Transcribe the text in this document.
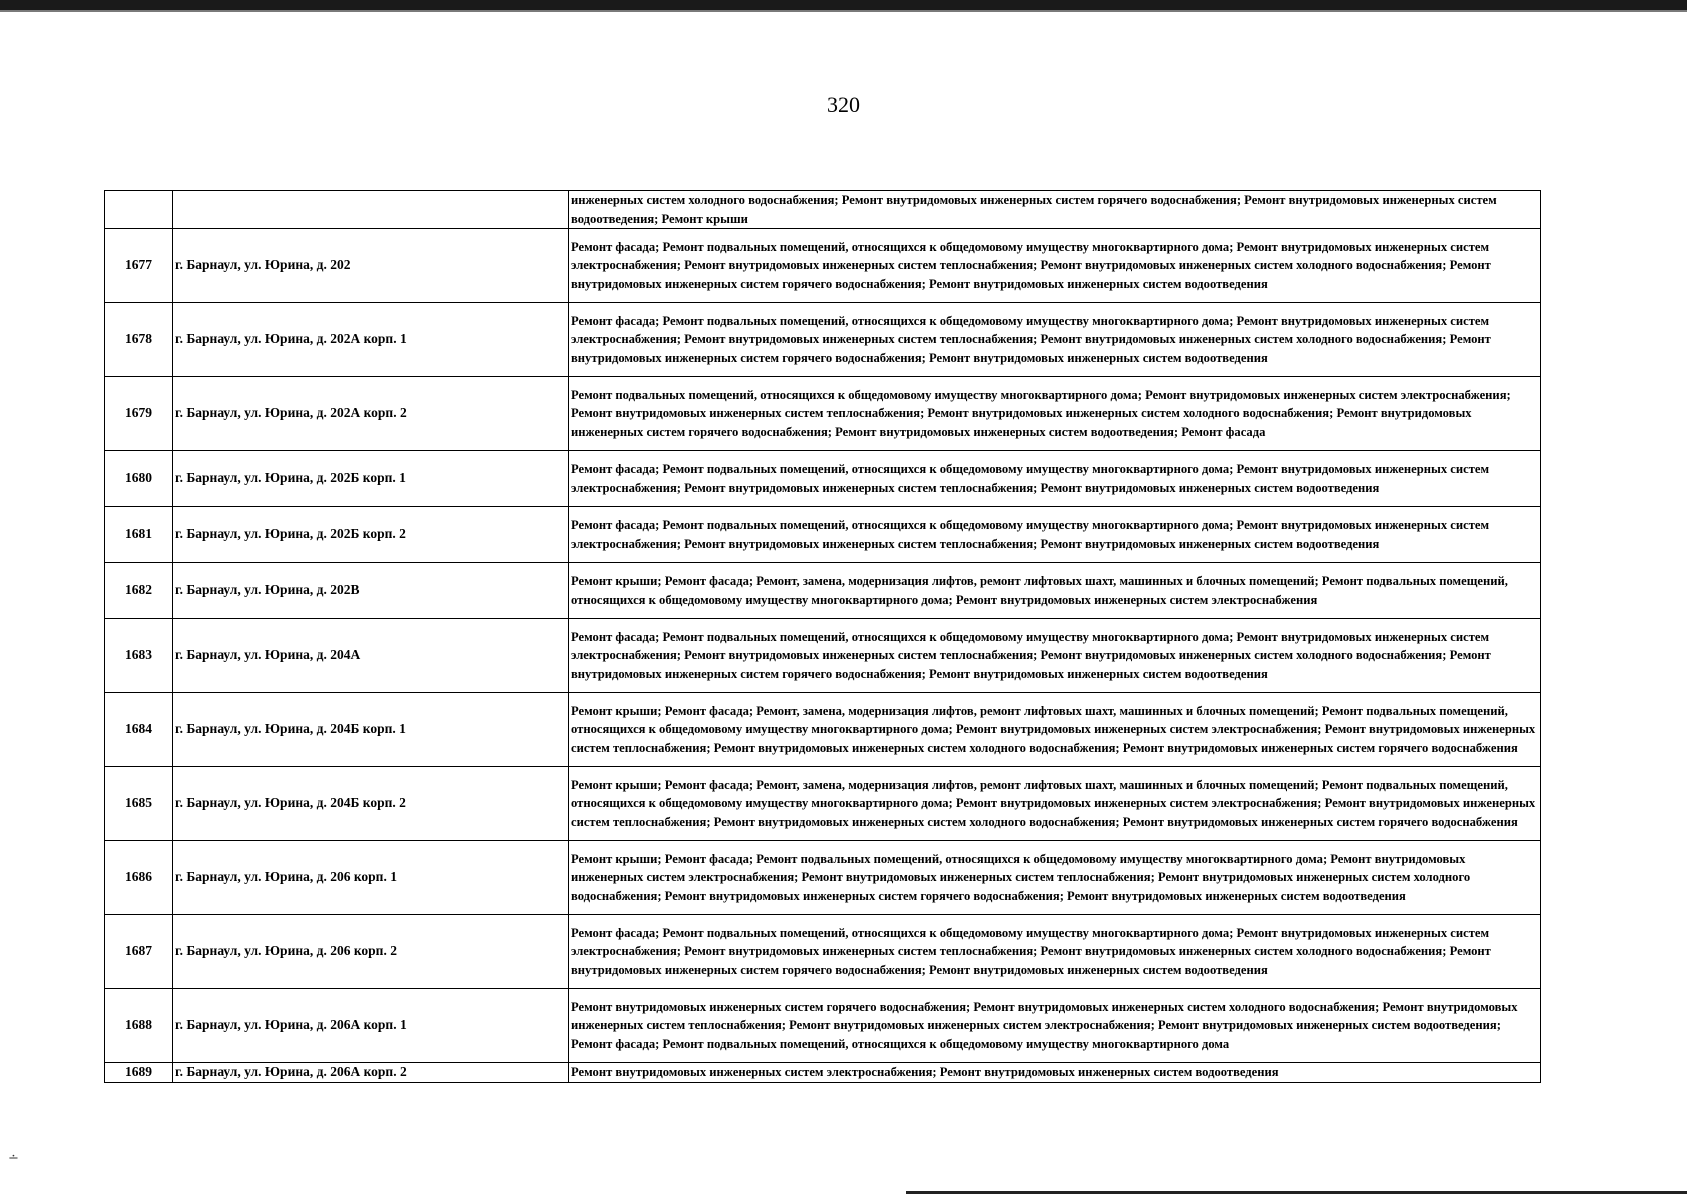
320
		инженерных систем холодного водоснабжения; Ремонт внутридомовых инженерных систем горячего водоснабжения; Ремонт внутридомовых инженерных систем водоотведения; Ремонт крыши
1677	г. Барнаул, ул. Юрина, д. 202	Ремонт фасада; Ремонт подвальных помещений, относящихся к общедомовому имуществу многоквартирного дома; Ремонт внутридомовых инженерных систем электроснабжения; Ремонт внутридомовых инженерных систем теплоснабжения; Ремонт внутридомовых инженерных систем холодного водоснабжения; Ремонт внутридомовых инженерных систем горячего водоснабжения; Ремонт внутридомовых инженерных систем водоотведения
1678	г. Барнаул, ул. Юрина, д. 202А корп. 1	Ремонт фасада; Ремонт подвальных помещений, относящихся к общедомовому имуществу многоквартирного дома; Ремонт внутридомовых инженерных систем электроснабжения; Ремонт внутридомовых инженерных систем теплоснабжения; Ремонт внутридомовых инженерных систем холодного водоснабжения; Ремонт внутридомовых инженерных систем горячего водоснабжения; Ремонт внутридомовых инженерных систем водоотведения
1679	г. Барнаул, ул. Юрина, д. 202А корп. 2	Ремонт подвальных помещений, относящихся к общедомовому имуществу многоквартирного дома; Ремонт внутридомовых инженерных систем электроснабжения; Ремонт внутридомовых инженерных систем теплоснабжения; Ремонт внутридомовых инженерных систем холодного водоснабжения; Ремонт внутридомовых инженерных систем горячего водоснабжения; Ремонт внутридомовых инженерных систем водоотведения; Ремонт фасада
1680	г. Барнаул, ул. Юрина, д. 202Б корп. 1	Ремонт фасада; Ремонт подвальных помещений, относящихся к общедомовому имуществу многоквартирного дома; Ремонт внутридомовых инженерных систем электроснабжения; Ремонт внутридомовых инженерных систем теплоснабжения; Ремонт внутридомовых инженерных систем водоотведения
1681	г. Барнаул, ул. Юрина, д. 202Б корп. 2	Ремонт фасада; Ремонт подвальных помещений, относящихся к общедомовому имуществу многоквартирного дома; Ремонт внутридомовых инженерных систем электроснабжения; Ремонт внутридомовых инженерных систем теплоснабжения; Ремонт внутридомовых инженерных систем водоотведения
1682	г. Барнаул, ул. Юрина, д. 202В	Ремонт крыши; Ремонт фасада; Ремонт, замена, модернизация лифтов, ремонт лифтовых шахт, машинных и блочных помещений; Ремонт подвальных помещений, относящихся к общедомовому имуществу многоквартирного дома; Ремонт внутридомовых инженерных систем электроснабжения
1683	г. Барнаул, ул. Юрина, д. 204А	Ремонт фасада; Ремонт подвальных помещений, относящихся к общедомовому имуществу многоквартирного дома; Ремонт внутридомовых инженерных систем электроснабжения; Ремонт внутридомовых инженерных систем теплоснабжения; Ремонт внутридомовых инженерных систем холодного водоснабжения; Ремонт внутридомовых инженерных систем горячего водоснабжения; Ремонт внутридомовых инженерных систем водоотведения
1684	г. Барнаул, ул. Юрина, д. 204Б корп. 1	Ремонт крыши; Ремонт фасада; Ремонт, замена, модернизация лифтов, ремонт лифтовых шахт, машинных и блочных помещений; Ремонт подвальных помещений, относящихся к общедомовому имуществу многоквартирного дома; Ремонт внутридомовых инженерных систем электроснабжения; Ремонт внутридомовых инженерных систем теплоснабжения; Ремонт внутридомовых инженерных систем холодного водоснабжения; Ремонт внутридомовых инженерных систем горячего водоснабжения
1685	г. Барнаул, ул. Юрина, д. 204Б корп. 2	Ремонт крыши; Ремонт фасада; Ремонт, замена, модернизация лифтов, ремонт лифтовых шахт, машинных и блочных помещений; Ремонт подвальных помещений, относящихся к общедомовому имуществу многоквартирного дома; Ремонт внутридомовых инженерных систем электроснабжения; Ремонт внутридомовых инженерных систем теплоснабжения; Ремонт внутридомовых инженерных систем холодного водоснабжения; Ремонт внутридомовых инженерных систем горячего водоснабжения
1686	г. Барнаул, ул. Юрина, д. 206 корп. 1	Ремонт крыши; Ремонт фасада; Ремонт подвальных помещений, относящихся к общедомовому имуществу многоквартирного дома; Ремонт внутридомовых инженерных систем электроснабжения; Ремонт внутридомовых инженерных систем теплоснабжения; Ремонт внутридомовых инженерных систем холодного водоснабжения; Ремонт внутридомовых инженерных систем горячего водоснабжения; Ремонт внутридомовых инженерных систем водоотведения
1687	г. Барнаул, ул. Юрина, д. 206 корп. 2	Ремонт фасада; Ремонт подвальных помещений, относящихся к общедомовому имуществу многоквартирного дома; Ремонт внутридомовых инженерных систем электроснабжения; Ремонт внутридомовых инженерных систем теплоснабжения; Ремонт внутридомовых инженерных систем холодного водоснабжения; Ремонт внутридомовых инженерных систем горячего водоснабжения; Ремонт внутридомовых инженерных систем водоотведения
1688	г. Барнаул, ул. Юрина, д. 206А корп. 1	Ремонт внутридомовых инженерных систем горячего водоснабжения; Ремонт внутридомовых инженерных систем холодного водоснабжения; Ремонт внутридомовых инженерных систем теплоснабжения; Ремонт внутридомовых инженерных систем электроснабжения; Ремонт внутридомовых инженерных систем водоотведения; Ремонт фасада; Ремонт подвальных помещений, относящихся к общедомовому имуществу многоквартирного дома
1689	г. Барнаул, ул. Юрина, д. 206А корп. 2	Ремонт внутридомовых инженерных систем электроснабжения; Ремонт внутридомовых инженерных систем водоотведения
∸
